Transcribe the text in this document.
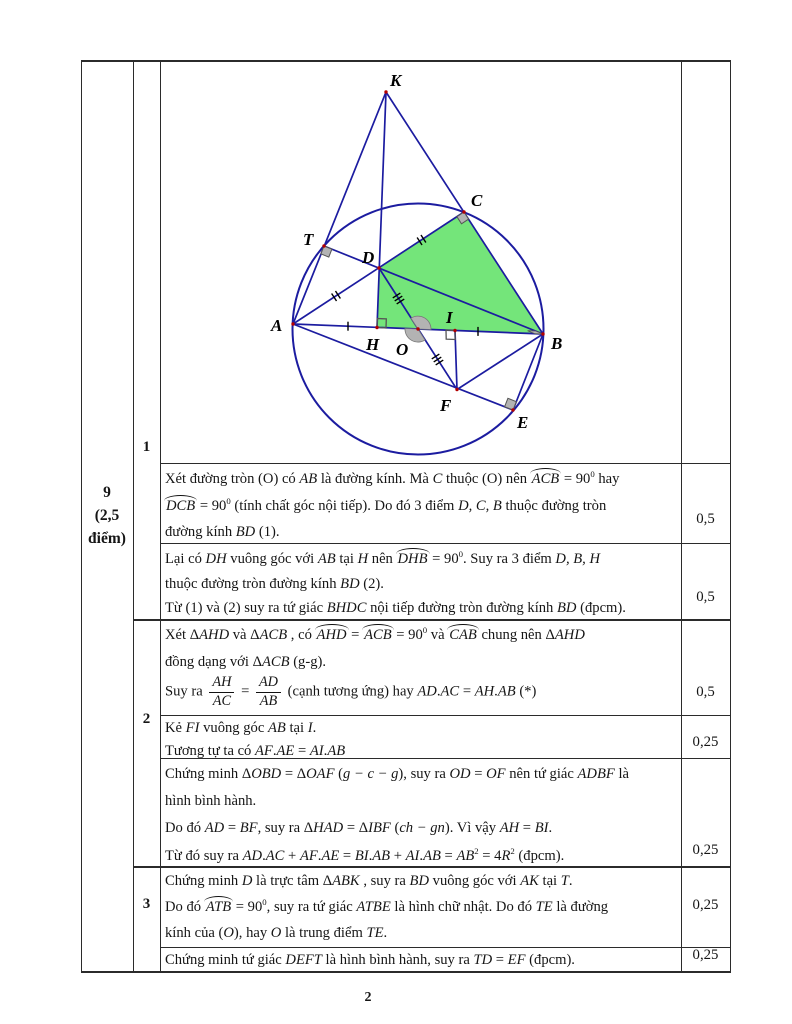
K
C
T
D
A
H O
I
B
F
E
9
(2,5
điểm)
1
2
3
Xét đường tròn (O) có AB là đường kính. Mà C thuộc (O) nên ACB = $90^0$ hay
DCB = $90^0$ (tính chất góc nội tiếp). Do đó 3 điểm D, C, B thuộc đường tròn
đường kính BD (1).
Lại có DH vuông góc với AB tại H nên DHB = $90^0$. Suy ra 3 điểm D, B, H
thuộc đường tròn đường kính BD (2).
Từ (1) và (2) suy ra tứ giác BHDC nội tiếp đường tròn đường kính BD (đpcm).
Xét ΔAHD và ΔACB , có AHD = ACB = $90^0$ và CAB chung nên ΔAHD
đồng dạng với ΔACB (g-g).
Suy ra $\frac{AH}{AC} = \frac{AD}{AB}$ (cạnh tương ứng) hay AD.AC = AH.AB (*)
Kẻ FI vuông góc AB tại I.
Tương tự ta có AF.AE = AI.AB
Chứng minh ΔOBD = ΔOAF (g − c − g), suy ra OD = OF nên tứ giác ADBF là
hình bình hành.
Do đó AD = BF, suy ra ΔHAD = ΔIBF (ch − gn). Vì vậy AH = BI.
Từ đó suy ra $AD.AC + AF.AE = BI.AB + AI.AB = AB^2 = 4R^2$ (đpcm).
Chứng minh D là trực tâm ΔABK , suy ra BD vuông góc với AK tại T.
Do đó ATB = $90^0$, suy ra tứ giác ATBE là hình chữ nhật. Do đó TE là đường
kính của (O), hay O là trung điểm TE.
Chứng minh tứ giác DEFT là hình bình hành, suy ra TD = EF (đpcm).
0,5
0,5
0,5
0,25
0,25
0,25
0,25
2
